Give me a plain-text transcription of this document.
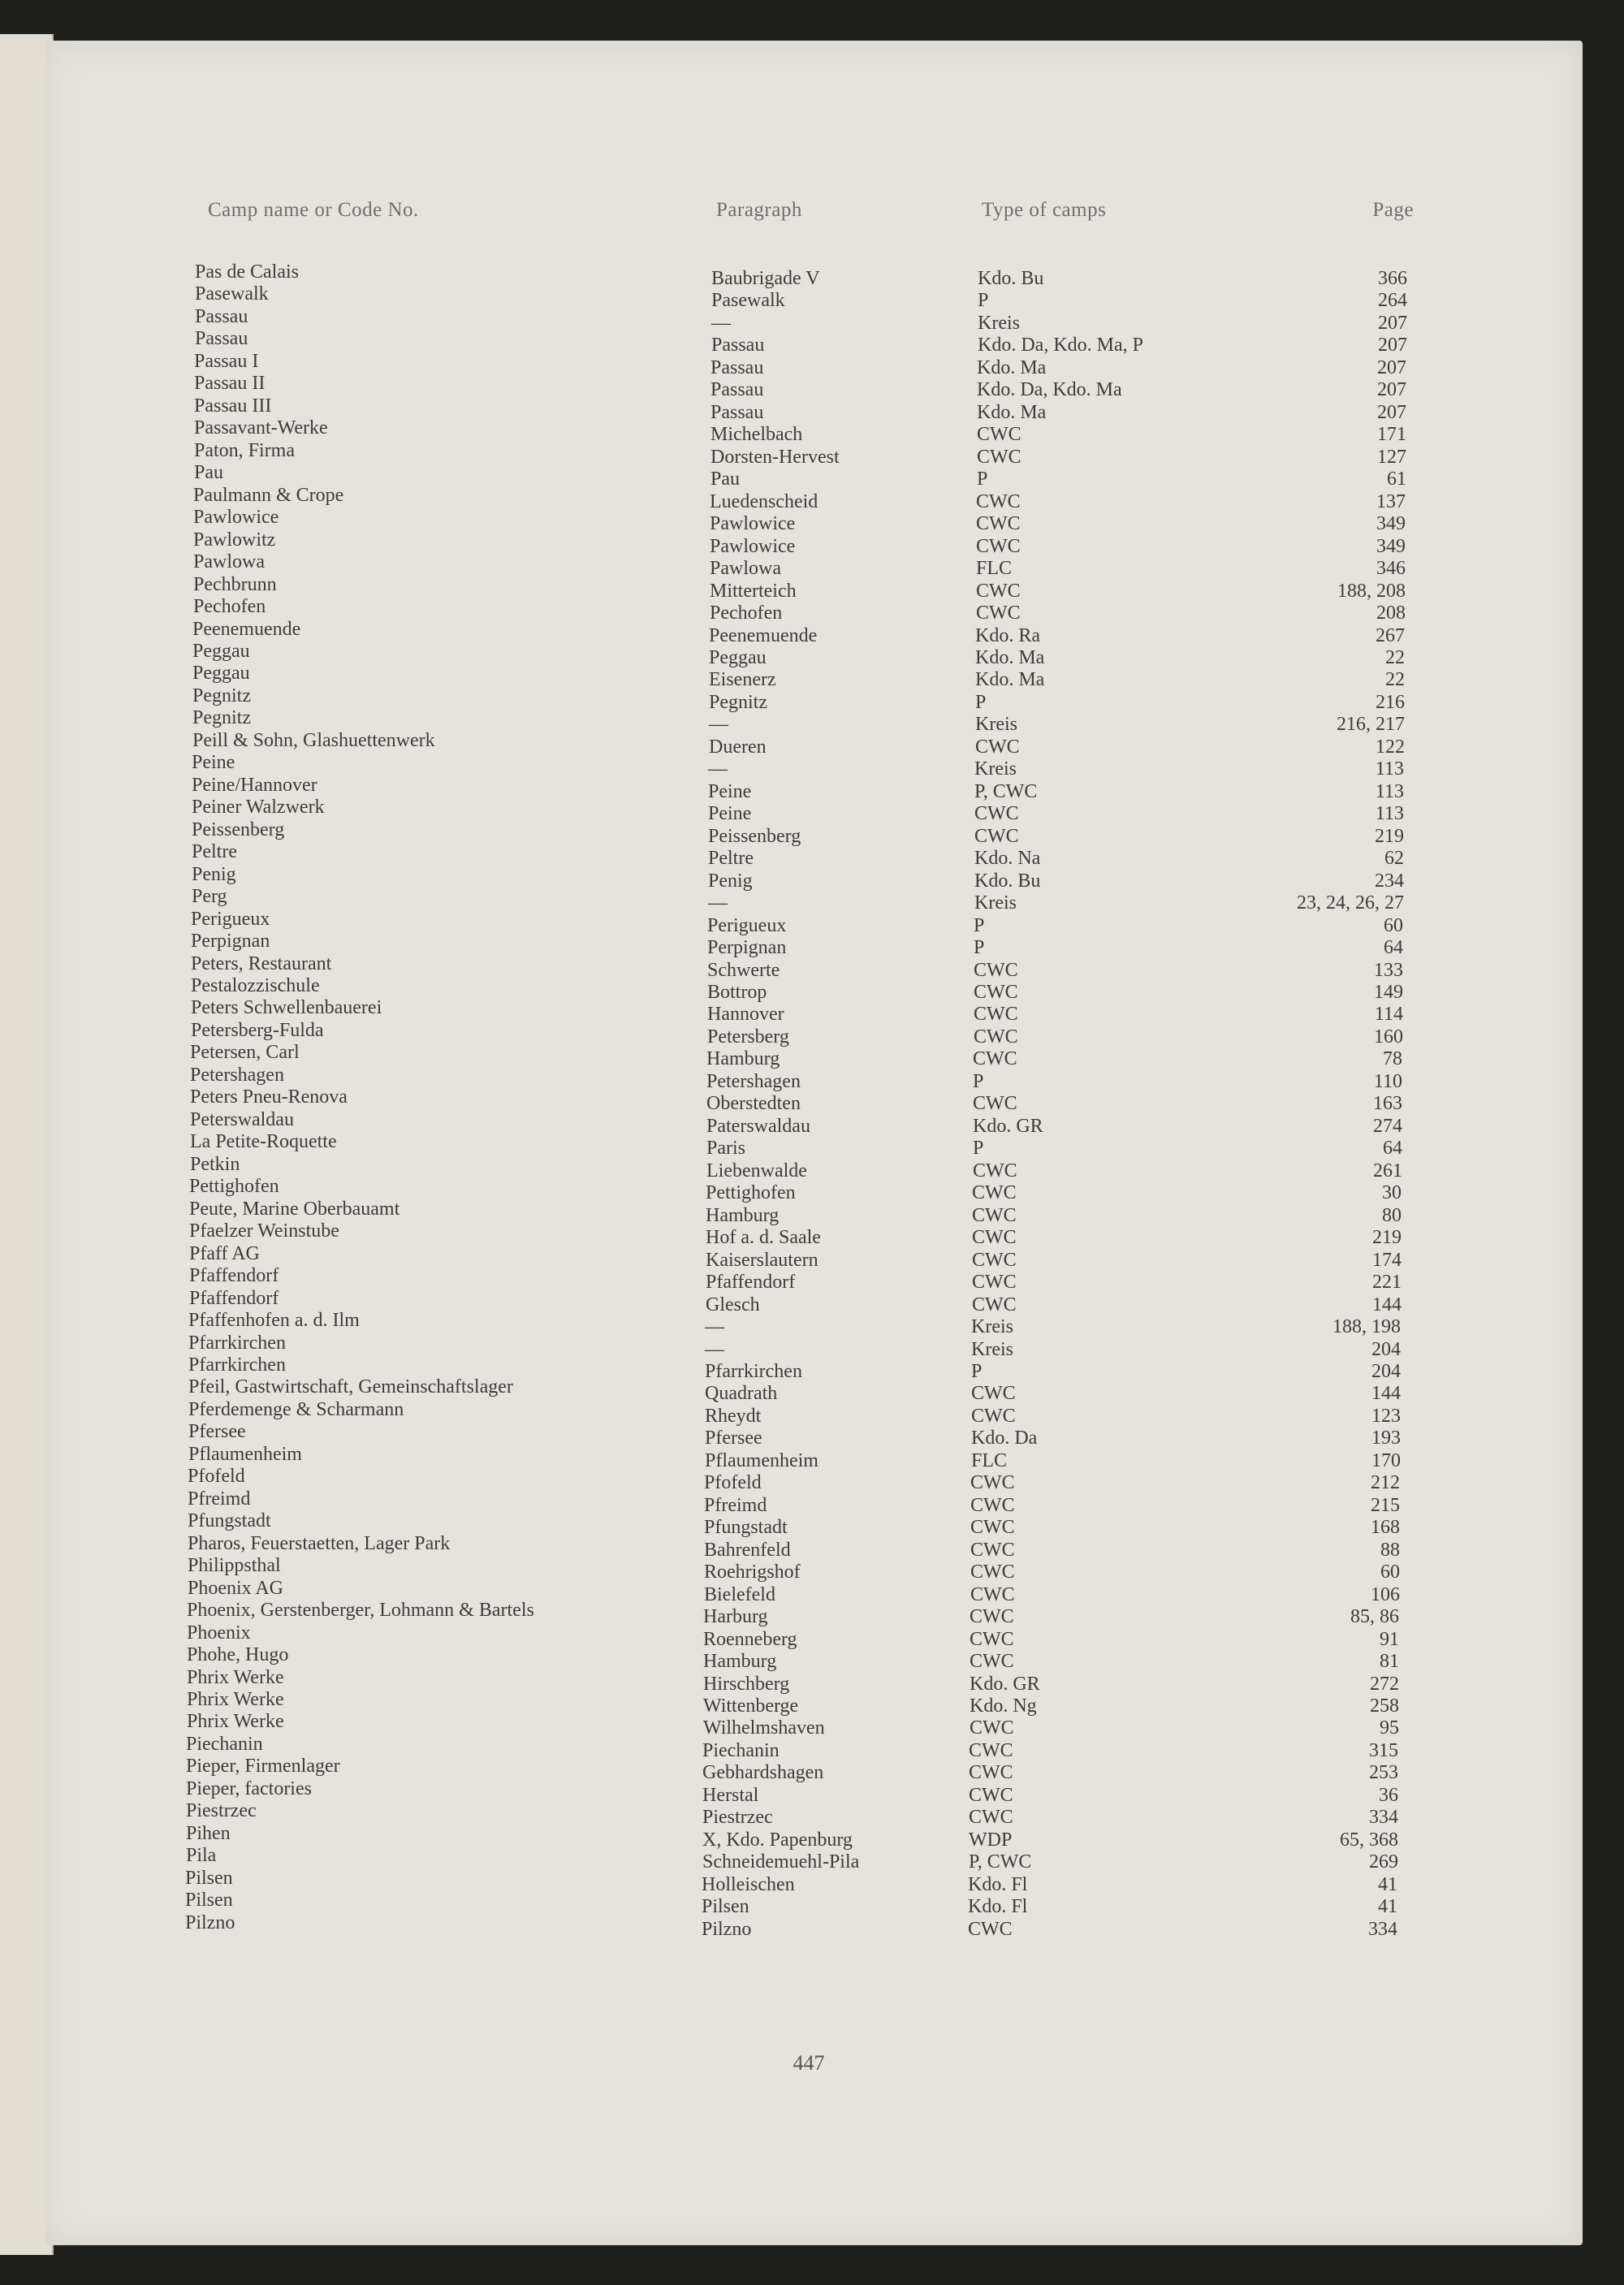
Camp name or Code No.	Paragraph	Type of camps	Page
Pas de Calais	Baubrigade V	Kdo. Bu	366
Pasewalk	Pasewalk	P	264
Passau	—	Kreis	207
Passau	Passau	Kdo. Da, Kdo. Ma, P	207
Passau I	Passau	Kdo. Ma	207
Passau II	Passau	Kdo. Da, Kdo. Ma	207
Passau III	Passau	Kdo. Ma	207
Passavant-Werke	Michelbach	CWC	171
Paton, Firma	Dorsten-Hervest	CWC	127
Pau	Pau	P	61
Paulmann & Crope	Luedenscheid	CWC	137
Pawlowice	Pawlowice	CWC	349
Pawlowitz	Pawlowice	CWC	349
Pawlowa	Pawlowa	FLC	346
Pechbrunn	Mitterteich	CWC	188, 208
Pechofen	Pechofen	CWC	208
Peenemuende	Peenemuende	Kdo. Ra	267
Peggau	Peggau	Kdo. Ma	22
Peggau	Eisenerz	Kdo. Ma	22
Pegnitz	Pegnitz	P	216
Pegnitz	—	Kreis	216, 217
Peill & Sohn, Glashuettenwerk	Dueren	CWC	122
Peine	—	Kreis	113
Peine/Hannover	Peine	P, CWC	113
Peiner Walzwerk	Peine	CWC	113
Peissenberg	Peissenberg	CWC	219
Peltre	Peltre	Kdo. Na	62
Penig	Penig	Kdo. Bu	234
Perg	—	Kreis	23, 24, 26, 27
Perigueux	Perigueux	P	60
Perpignan	Perpignan	P	64
Peters, Restaurant	Schwerte	CWC	133
Pestalozzischule	Bottrop	CWC	149
Peters Schwellenbauerei	Hannover	CWC	114
Petersberg-Fulda	Petersberg	CWC	160
Petersen, Carl	Hamburg	CWC	78
Petershagen	Petershagen	P	110
Peters Pneu-Renova	Oberstedten	CWC	163
Peterswaldau	Paterswaldau	Kdo. GR	274
La Petite-Roquette	Paris	P	64
Petkin	Liebenwalde	CWC	261
Pettighofen	Pettighofen	CWC	30
Peute, Marine Oberbauamt	Hamburg	CWC	80
Pfaelzer Weinstube	Hof a. d. Saale	CWC	219
Pfaff AG	Kaiserslautern	CWC	174
Pfaffendorf	Pfaffendorf	CWC	221
Pfaffendorf	Glesch	CWC	144
Pfaffenhofen a. d. Ilm	—	Kreis	188, 198
Pfarrkirchen	—	Kreis	204
Pfarrkirchen	Pfarrkirchen	P	204
Pfeil, Gastwirtschaft, Gemeinschaftslager	Quadrath	CWC	144
Pferdemenge & Scharmann	Rheydt	CWC	123
Pfersee	Pfersee	Kdo. Da	193
Pflaumenheim	Pflaumenheim	FLC	170
Pfofeld	Pfofeld	CWC	212
Pfreimd	Pfreimd	CWC	215
Pfungstadt	Pfungstadt	CWC	168
Pharos, Feuerstaetten, Lager Park	Bahrenfeld	CWC	88
Philippsthal	Roehrigshof	CWC	60
Phoenix AG	Bielefeld	CWC	106
Phoenix, Gerstenberger, Lohmann & Bartels	Harburg	CWC	85, 86
Phoenix	Roenneberg	CWC	91
Phohe, Hugo	Hamburg	CWC	81
Phrix Werke	Hirschberg	Kdo. GR	272
Phrix Werke	Wittenberge	Kdo. Ng	258
Phrix Werke	Wilhelmshaven	CWC	95
Piechanin	Piechanin	CWC	315
Pieper, Firmenlager	Gebhardshagen	CWC	253
Pieper, factories	Herstal	CWC	36
Piestrzec	Piestrzec	CWC	334
Pihen	X, Kdo. Papenburg	WDP	65, 368
Pila	Schneidemuehl-Pila	P, CWC	269
Pilsen	Holleischen	Kdo. Fl	41
Pilsen	Pilsen	Kdo. Fl	41
Pilzno	Pilzno	CWC	334
447
